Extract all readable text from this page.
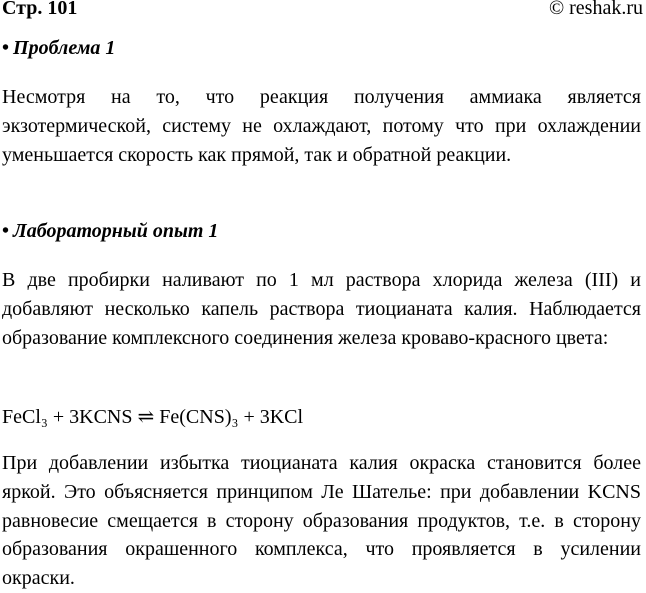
Стр. 101	© reshak.ru
• Проблема 1

Несмотря на то, что реакция получения аммиака является экзотермической, систему не охлаждают, потому что при охлаждении уменьшается скорость как прямой, так и обратной реакции.

• Лабораторный опыт 1

В две пробирки наливают по 1 мл раствора хлорида железа (III) и добавляют несколько капель раствора тиоцианата калия. Наблюдается образование комплексного соединения железа кроваво-красного цвета:

FeCl₃ + 3KCNS ⇌ Fe(CNS)₃ + 3KCl

При добавлении избытка тиоцианата калия окраска становится более яркой. Это объясняется принципом Ле Шателье: при добавлении KCNS равновесие смещается в сторону образования продуктов, т.е. в сторону образования окрашенного комплекса, что проявляется в усилении окраски.
